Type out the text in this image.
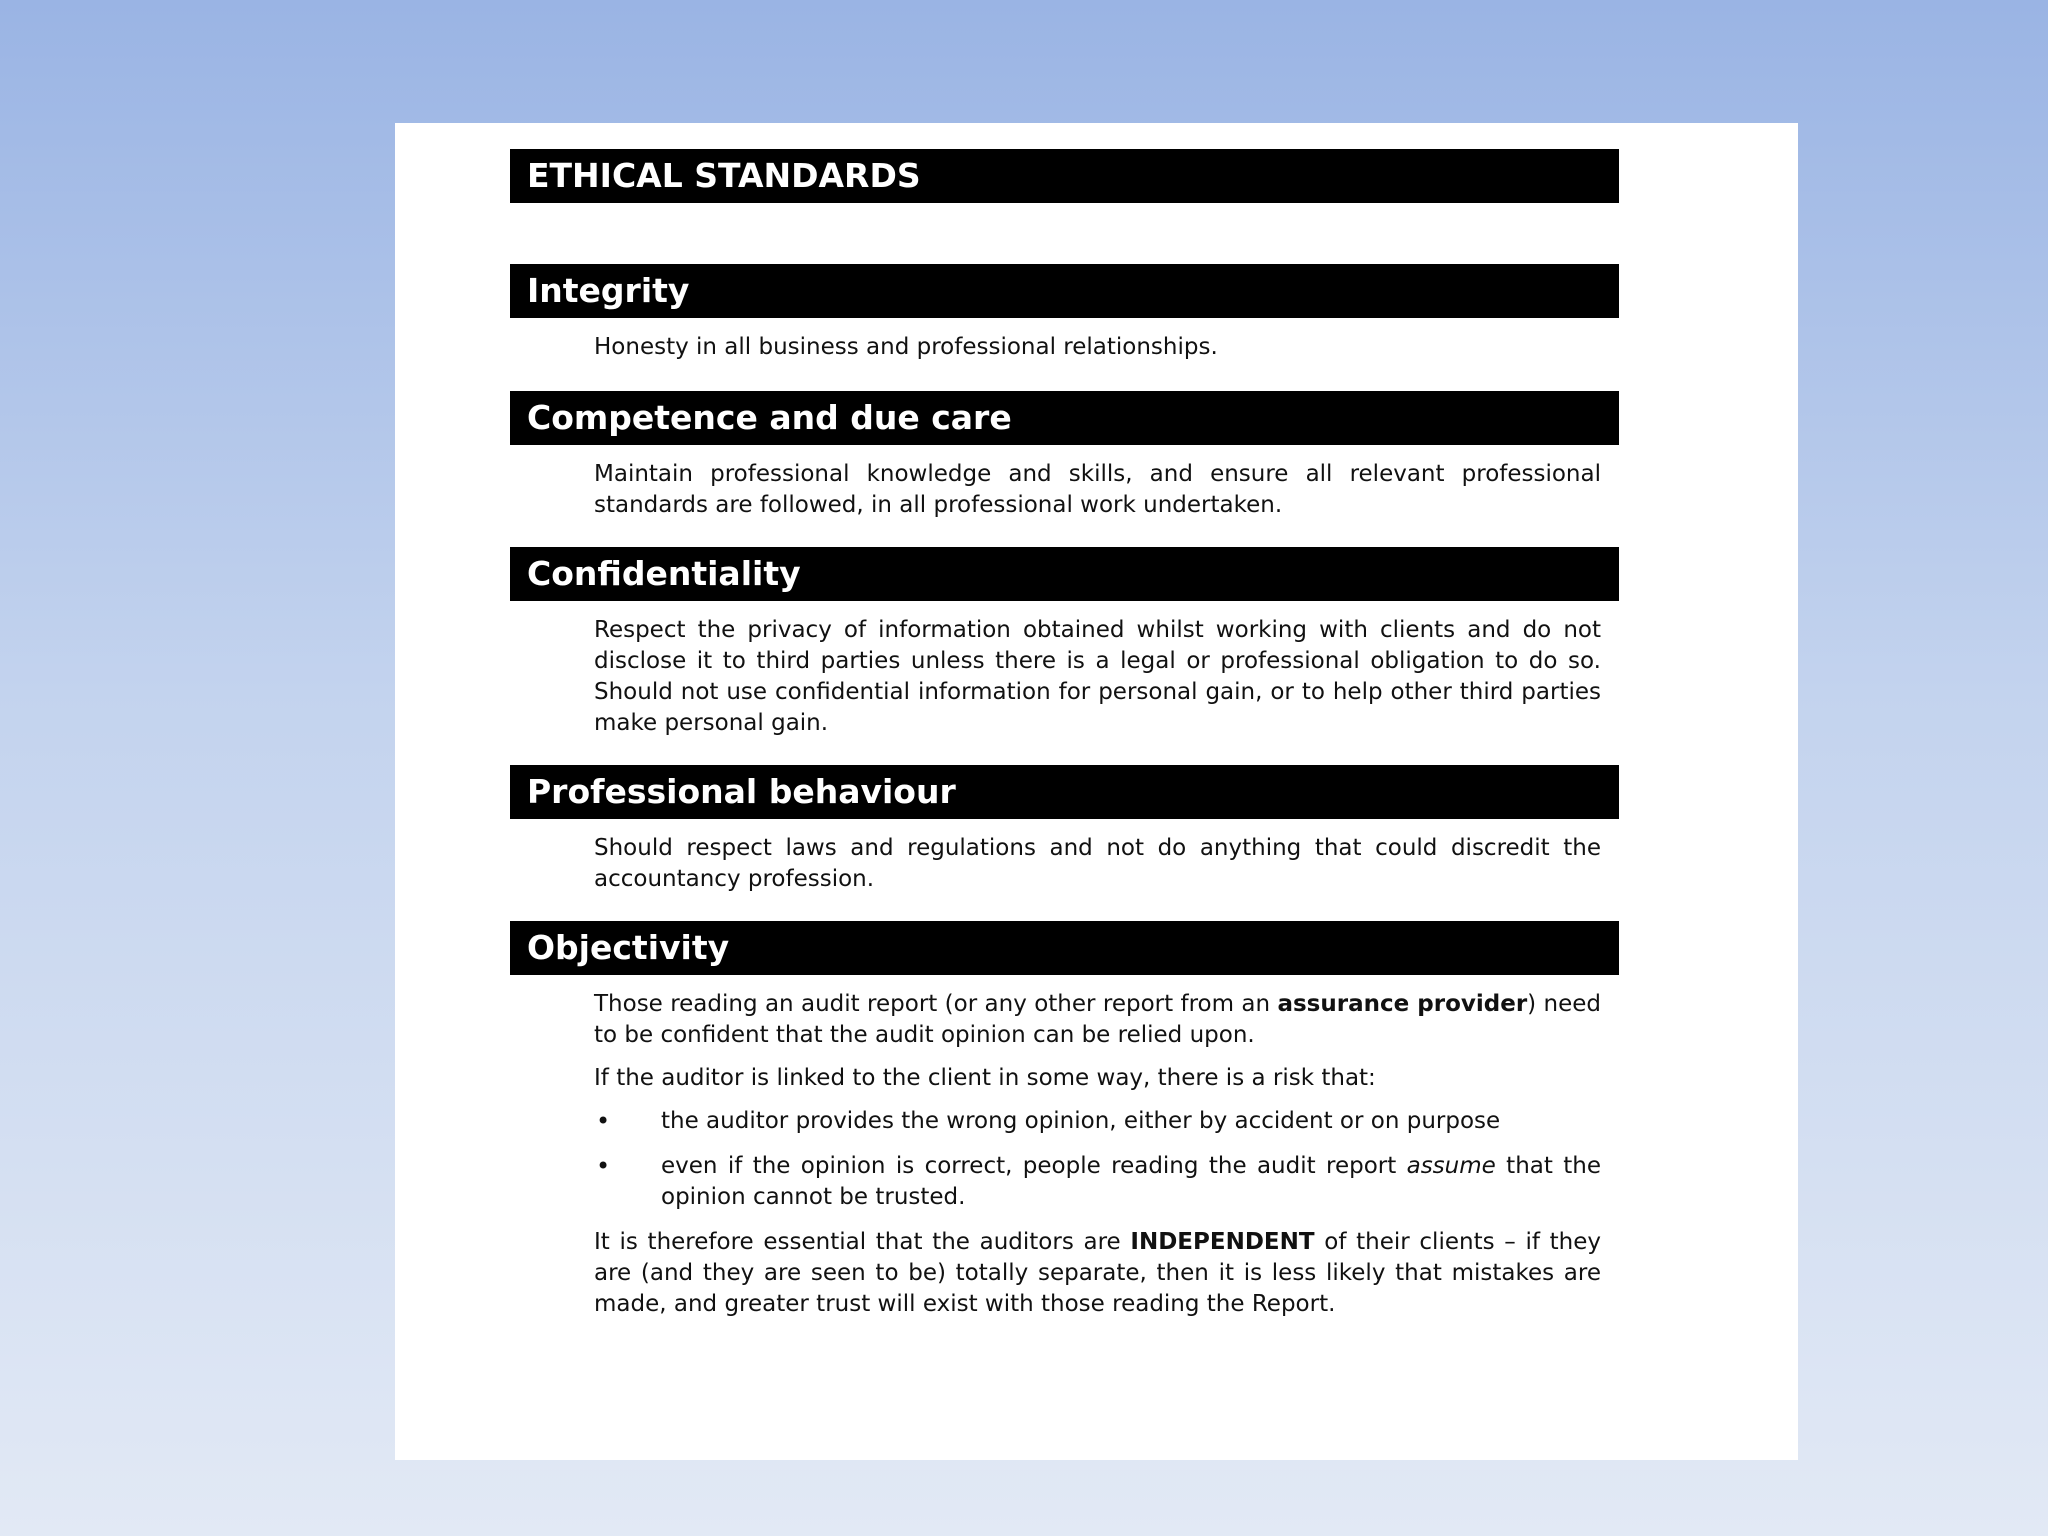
ETHICAL STANDARDS
Integrity

Honesty in all business and professional relationships.

Competence and due care

Maintain professional knowledge and skills, and ensure all relevant professional standards are followed, in all professional work undertaken.

Confidentiality

Respect the privacy of information obtained whilst working with clients and do not disclose it to third parties unless there is a legal or professional obligation to do so. Should not use confidential information for personal gain, or to help other third parties make personal gain.

Professional behaviour

Should respect laws and regulations and not do anything that could discredit the accountancy profession.

Objectivity

Those reading an audit report (or any other report from an assurance provider) need to be confident that the audit opinion can be relied upon.

If the auditor is linked to the client in some way, there is a risk that:

• the auditor provides the wrong opinion, either by accident or on purpose
• even if the opinion is correct, people reading the audit report assume that the opinion cannot be trusted.

It is therefore essential that the auditors are INDEPENDENT of their clients – if they are (and they are seen to be) totally separate, then it is less likely that mistakes are made, and greater trust will exist with those reading the Report.
